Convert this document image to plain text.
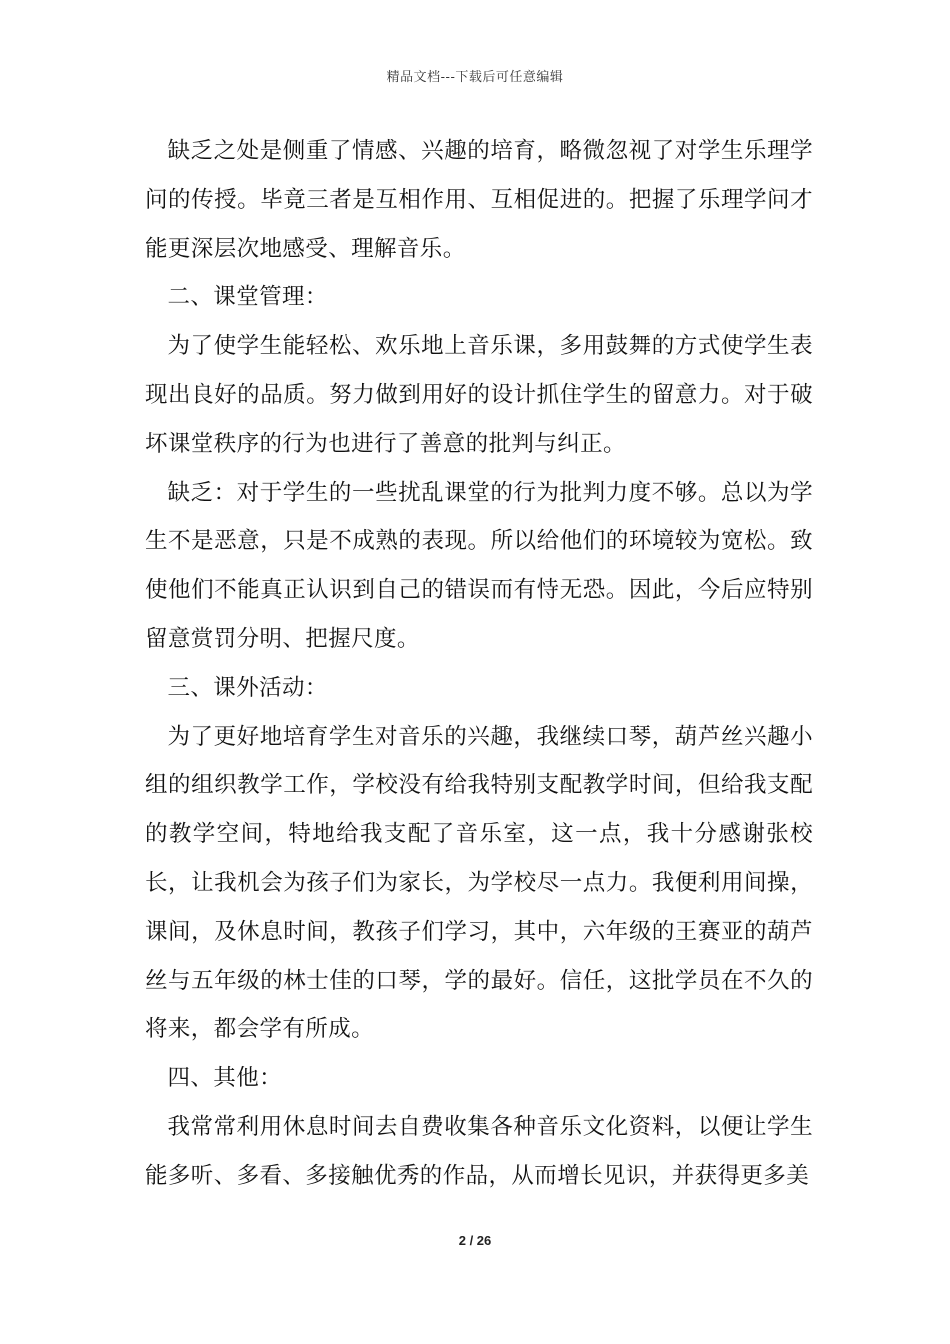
精品文档---下载后可任意编辑

缺乏之处是侧重了情感、兴趣的培育，略微忽视了对学生乐理学问的传授。毕竟三者是互相作用、互相促进的。把握了乐理学问才能更深层次地感受、理解音乐。

二、课堂管理：

为了使学生能轻松、欢乐地上音乐课，多用鼓舞的方式使学生表现出良好的品质。努力做到用好的设计抓住学生的留意力。对于破坏课堂秩序的行为也进行了善意的批判与纠正。

缺乏：对于学生的一些扰乱课堂的行为批判力度不够。总以为学生不是恶意，只是不成熟的表现。所以给他们的环境较为宽松。致使他们不能真正认识到自己的错误而有恃无恐。因此，今后应特别留意赏罚分明、把握尺度。

三、课外活动：

为了更好地培育学生对音乐的兴趣，我继续口琴，葫芦丝兴趣小组的组织教学工作，学校没有给我特别支配教学时间，但给我支配的教学空间，特地给我支配了音乐室，这一点，我十分感谢张校长，让我机会为孩子们为家长，为学校尽一点力。我便利用间操，课间，及休息时间，教孩子们学习，其中，六年级的王赛亚的葫芦丝与五年级的林士佳的口琴，学的最好。信任，这批学员在不久的将来，都会学有所成。

四、其他：

我常常利用休息时间去自费收集各种音乐文化资料，以便让学生能多听、多看、多接触优秀的作品，从而增长见识，并获得更多美

2 / 26
